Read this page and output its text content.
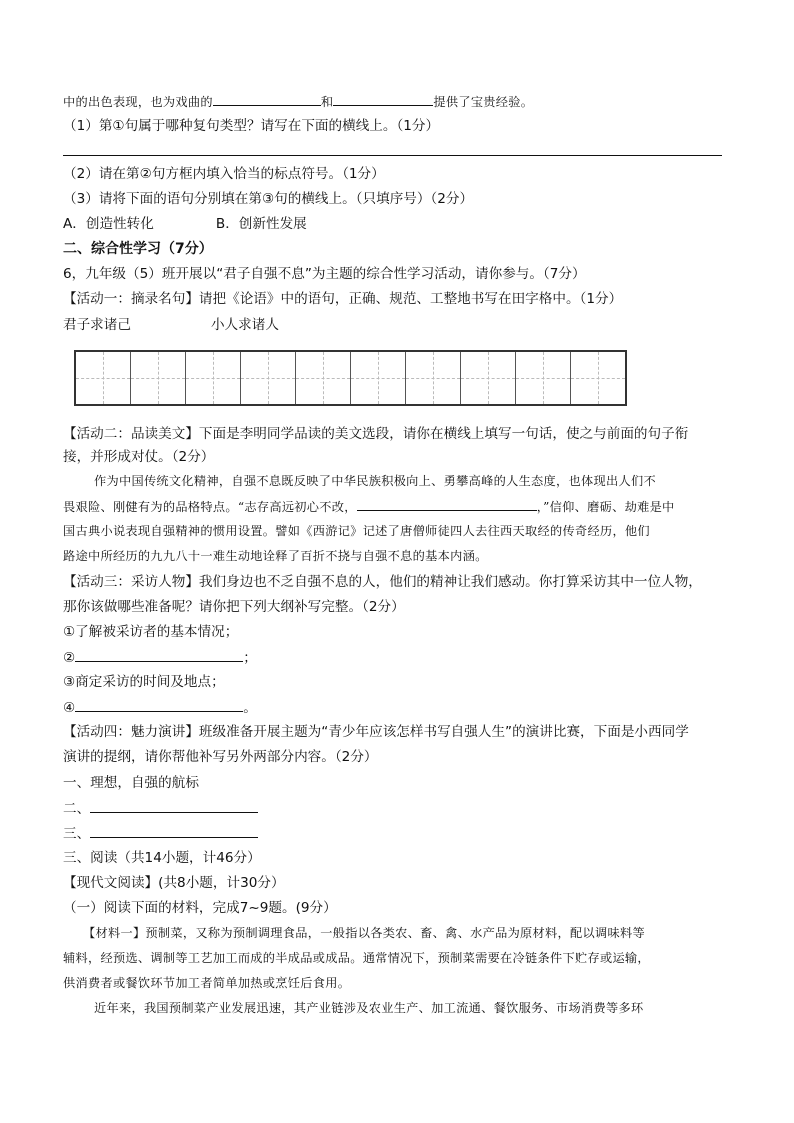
中的出色表现，也为戏曲的	和	提供了宝贵经验。
（1）第①句属于哪种复句类型？请写在下面的横线上。（1分）
（2）请在第②句方框内填入恰当的标点符号。（1分）
（3）请将下面的语句分别填在第③句的横线上。（只填序号）（2分）
A．创造性转化	B．创新性发展
二、综合性学习（7分）
6，九年级（5）班开展以“君子自强不息”为主题的综合性学习活动，请你参与。（7分）
【活动一：摘录名句】请把《论语》中的语句，正确、规范、工整地书写在田字格中。（1分）
君子求诸己	小人求诸人
【活动二：品读美文】下面是李明同学品读的美文选段，请你在横线上填写一句话，使之与前面的句子衔
接，并形成对仗。（2分）
作为中国传统文化精神，自强不息既反映了中华民族积极向上、勇攀高峰的人生态度，也体现出人们不
畏艰险、刚健有为的品格特点。“志存高远初心不改，	，”信仰、磨砺、劫难是中
国古典小说表现自强精神的惯用设置。譬如《西游记》记述了唐僧师徒四人去往西天取经的传奇经历，他们
路途中所经历的九九八十一难生动地诠释了百折不挠与自强不息的基本内涵。
【活动三：采访人物】我们身边也不乏自强不息的人，他们的精神让我们感动。你打算采访其中一位人物，
那你该做哪些准备呢？请你把下列大纲补写完整。（2分）
①了解被采访者的基本情况；
②	；
③商定采访的时间及地点；
④	。
【活动四：魅力演讲】班级准备开展主题为“青少年应该怎样书写自强人生”的演讲比赛，下面是小西同学
演讲的提纲，请你帮他补写另外两部分内容。（2分）
一、理想，自强的航标
二、
三、
三、阅读（共14小题，计46分）
【现代文阅读】(共8小题，计30分）
（一）阅读下面的材料，完成7~9题。(9分）
【材料一】预制菜，又称为预制调理食品，一般指以各类农、畜、禽、水产品为原材料，配以调味料等
辅料，经预选、调制等工艺加工而成的半成品或成品。通常情况下，预制菜需要在冷链条件下贮存或运输，
供消费者或餐饮环节加工者简单加热或烹饪后食用。
近年来，我国预制菜产业发展迅速，其产业链涉及农业生产、加工流通、餐饮服务、市场消费等多环
